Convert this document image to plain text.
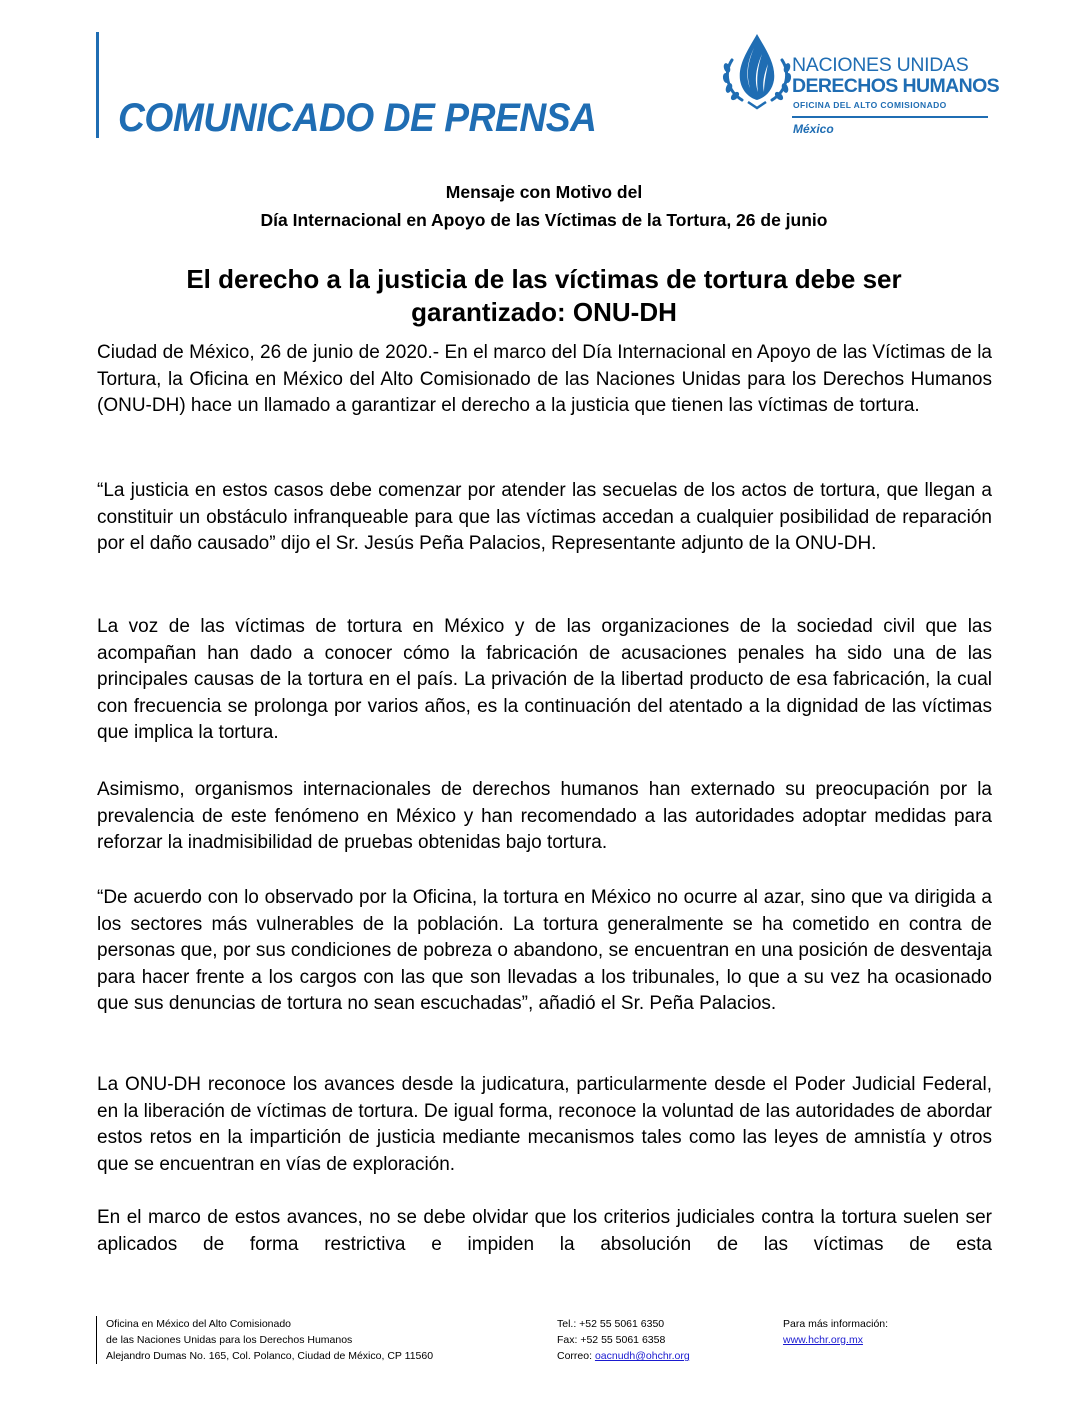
COMUNICADO DE PRENSA
NACIONES UNIDAS
DERECHOS HUMANOS
OFICINA DEL ALTO COMISIONADO
México
Mensaje con Motivo del
Día Internacional en Apoyo de las Víctimas de la Tortura, 26 de junio
El derecho a la justicia de las víctimas de tortura debe ser
garantizado: ONU-DH

Ciudad de México, 26 de junio de 2020.- En el marco del Día Internacional en Apoyo de las Víctimas de la Tortura, la Oficina en México del Alto Comisionado de las Naciones Unidas para los Derechos Humanos (ONU-DH) hace un llamado a garantizar el derecho a la justicia que tienen las víctimas de tortura.

“La justicia en estos casos debe comenzar por atender las secuelas de los actos de tortura, que llegan a constituir un obstáculo infranqueable para que las víctimas accedan a cualquier posibilidad de reparación por el daño causado” dijo el Sr. Jesús Peña Palacios, Representante adjunto de la ONU-DH.

La voz de las víctimas de tortura en México y de las organizaciones de la sociedad civil que las acompañan han dado a conocer cómo la fabricación de acusaciones penales ha sido una de las principales causas de la tortura en el país. La privación de la libertad producto de esa fabricación, la cual con frecuencia se prolonga por varios años, es la continuación del atentado a la dignidad de las víctimas que implica la tortura.

Asimismo, organismos internacionales de derechos humanos han externado su preocupación por la prevalencia de este fenómeno en México y han recomendado a las autoridades adoptar medidas para reforzar la inadmisibilidad de pruebas obtenidas bajo tortura.

“De acuerdo con lo observado por la Oficina, la tortura en México no ocurre al azar, sino que va dirigida a los sectores más vulnerables de la población. La tortura generalmente se ha cometido en contra de personas que, por sus condiciones de pobreza o abandono, se encuentran en una posición de desventaja para hacer frente a los cargos con las que son llevadas a los tribunales, lo que a su vez ha ocasionado que sus denuncias de tortura no sean escuchadas”, añadió el Sr. Peña Palacios.

La ONU-DH reconoce los avances desde la judicatura, particularmente desde el Poder Judicial Federal, en la liberación de víctimas de tortura. De igual forma, reconoce la voluntad de las autoridades de abordar estos retos en la impartición de justicia mediante mecanismos tales como las leyes de amnistía y otros que se encuentran en vías de exploración.

En el marco de estos avances, no se debe olvidar que los criterios judiciales contra la tortura suelen ser aplicados de forma restrictiva e impiden la absolución de las víctimas de esta

Oficina en México del Alto Comisionado
de las Naciones Unidas para los Derechos Humanos
Alejandro Dumas No. 165, Col. Polanco, Ciudad de México, CP 11560
Tel.: +52 55 5061 6350
Fax: +52 55 5061 6358
Correo: oacnudh@ohchr.org
Para más información:
www.hchr.org.mx
